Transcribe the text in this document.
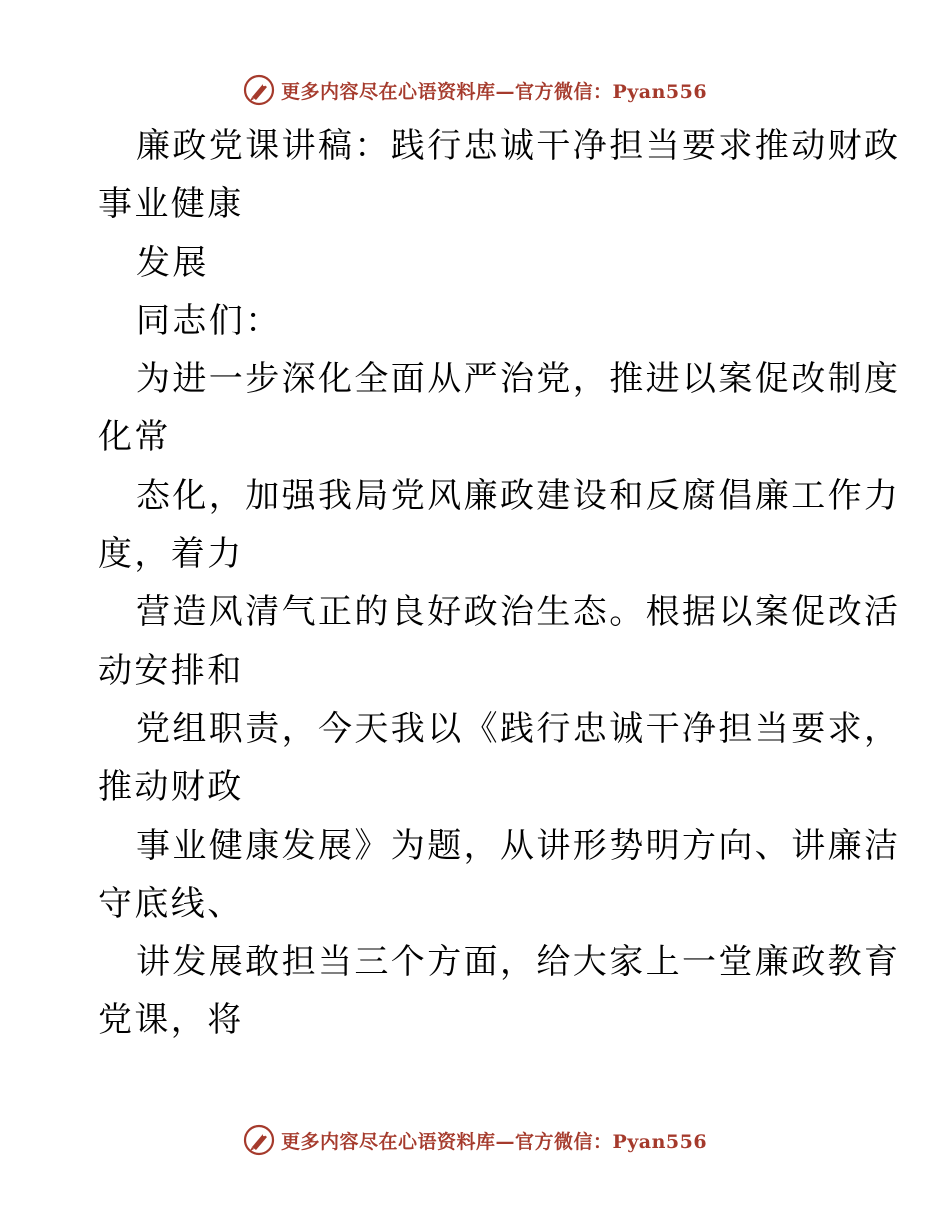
更多内容尽在心语资料库—官方微信：Pyan556
廉政党课讲稿：践行忠诚干净担当要求推动财政
事业健康
发展
同志们：
为进一步深化全面从严治党，推进以案促改制度
化常
态化，加强我局党风廉政建设和反腐倡廉工作力
度，着力
营造风清气正的良好政治生态。根据以案促改活
动安排和
党组职责，今天我以《践行忠诚干净担当要求，
推动财政
事业健康发展》为题，从讲形势明方向、讲廉洁
守底线、
讲发展敢担当三个方面，给大家上一堂廉政教育
党课，将
更多内容尽在心语资料库—官方微信：Pyan556
